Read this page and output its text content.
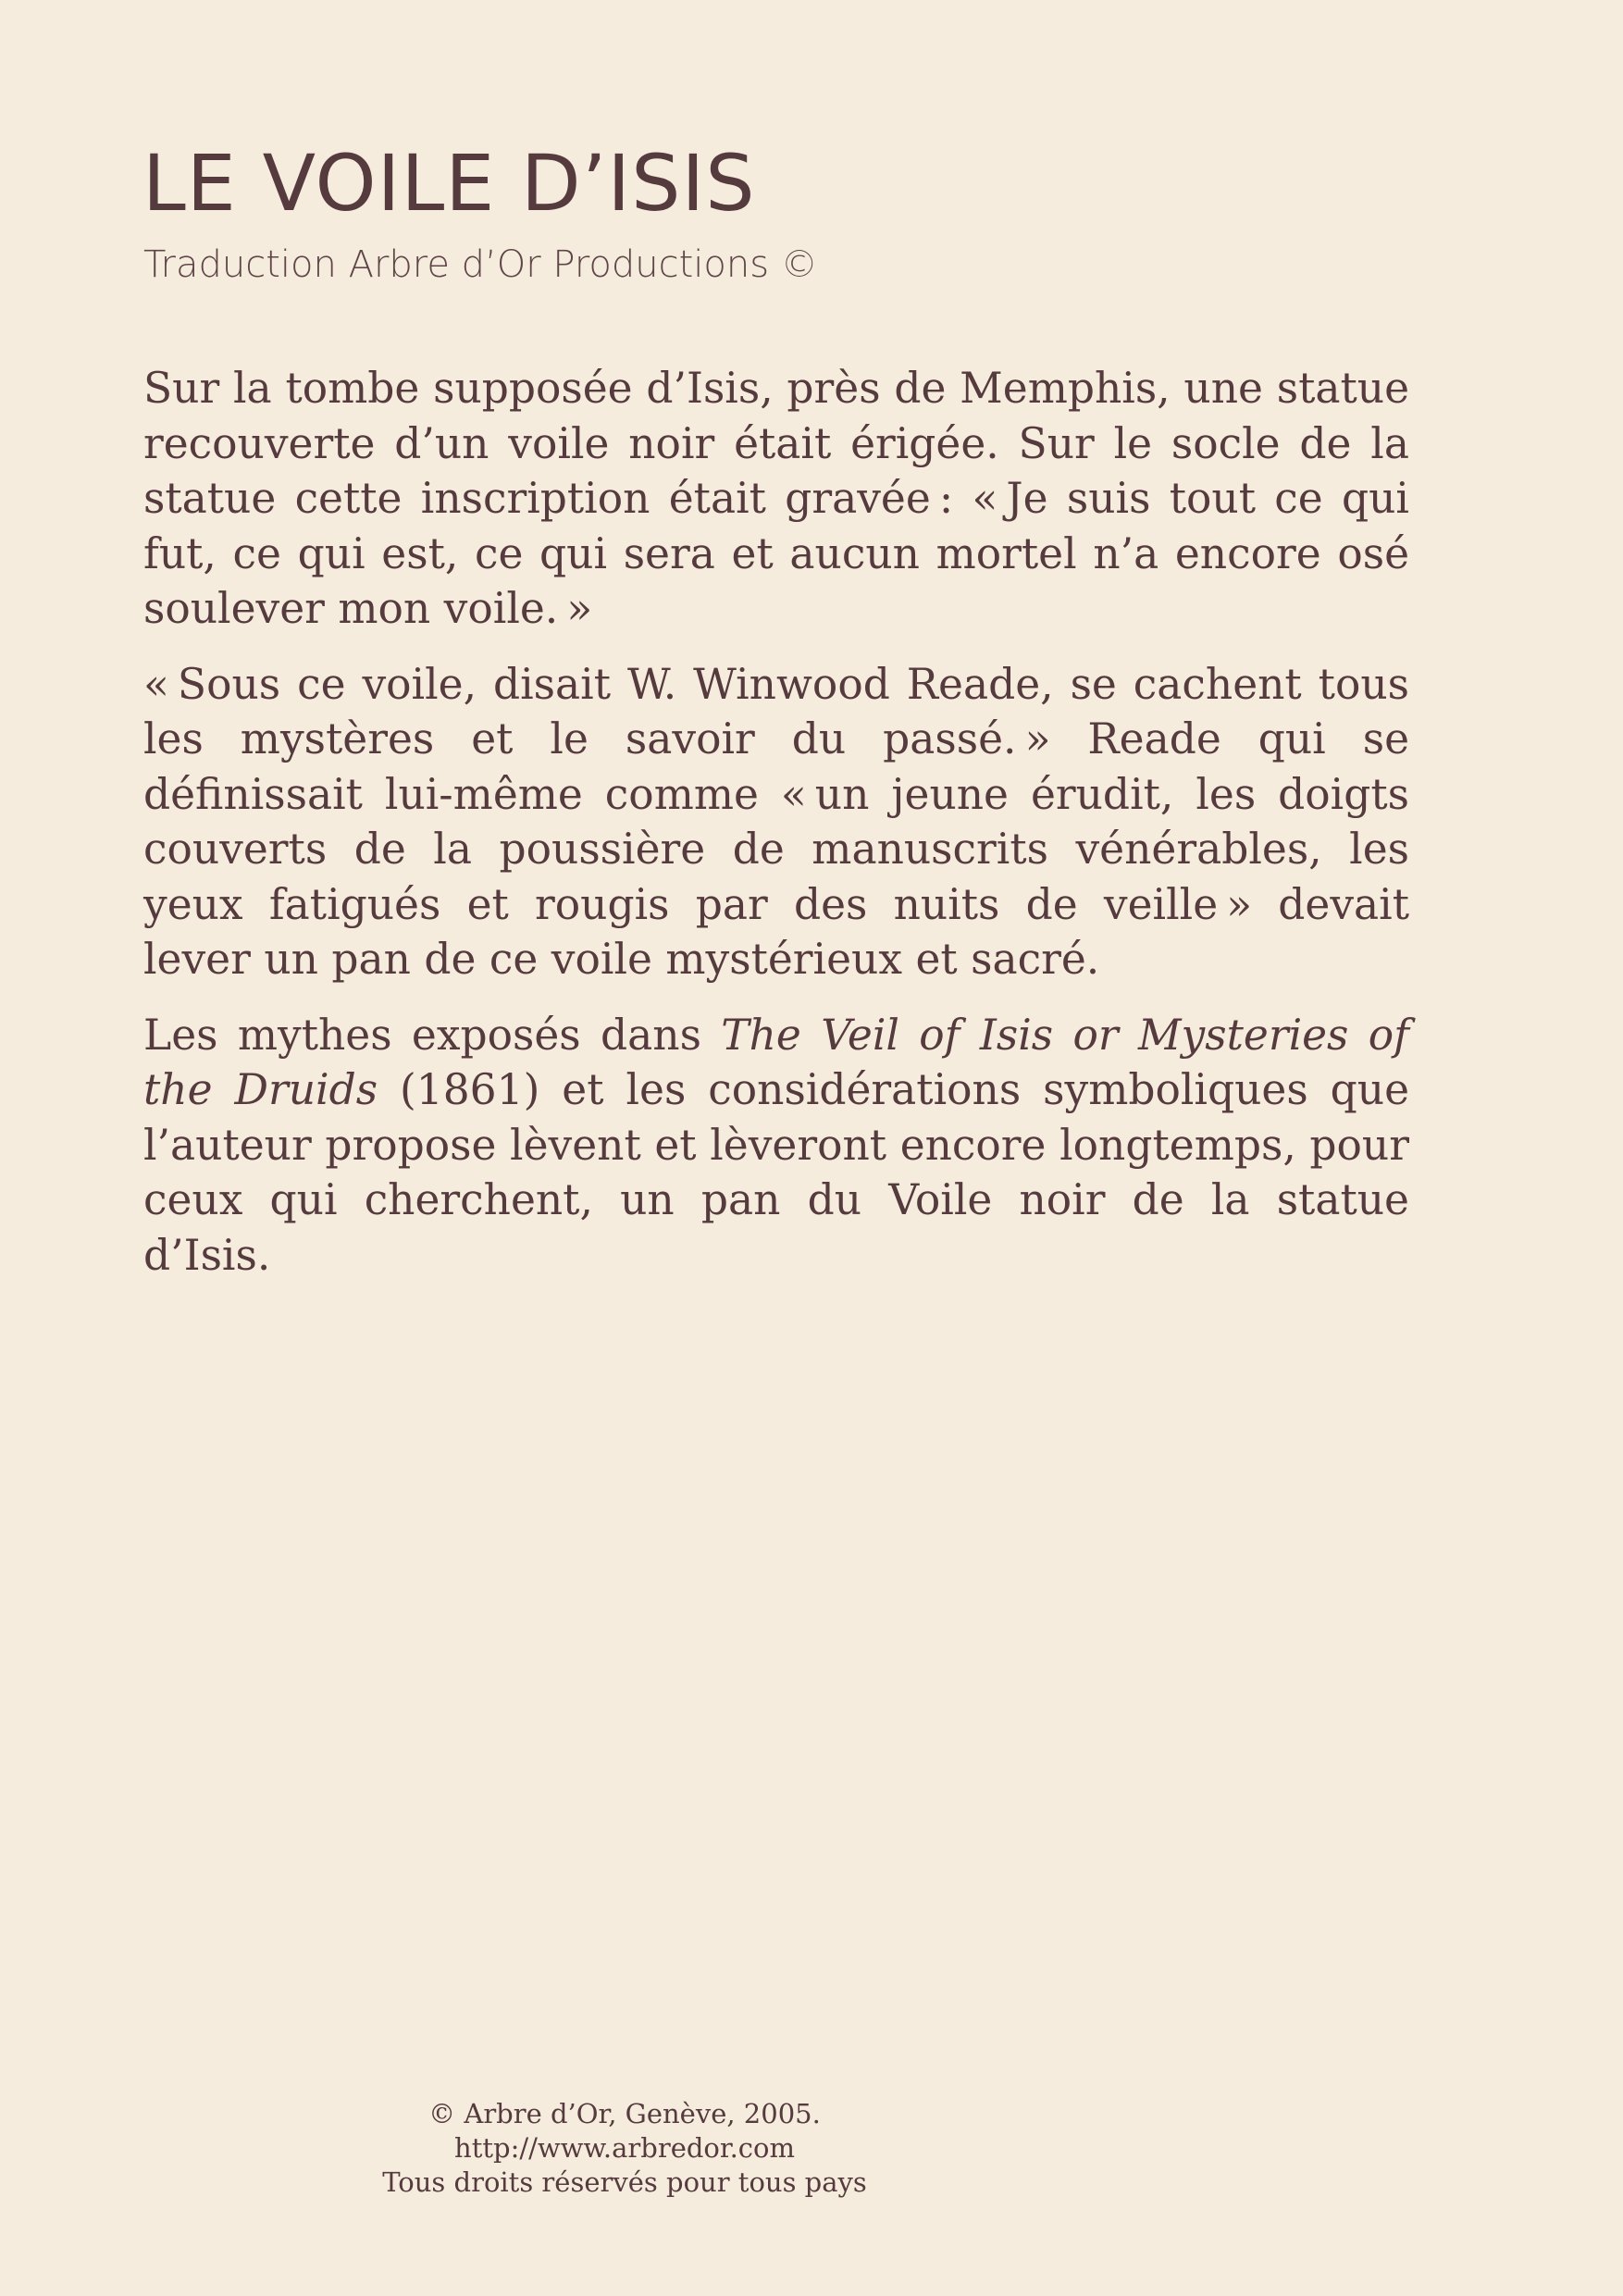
LE VOILE D’ISIS
Traduction Arbre d’Or Productions ©

Sur la tombe supposée d’Isis, près de Memphis, une statue recouverte d’un voile noir était érigée. Sur le socle de la statue cette inscription était gravée : « Je suis tout ce qui fut, ce qui est, ce qui sera et aucun mortel n’a encore osé soulever mon voile. »

« Sous ce voile, disait W. Winwood Reade, se cachent tous les mystères et le savoir du passé. » Reade qui se définissait lui-même comme « un jeune érudit, les doigts couverts de la poussière de manuscrits vénérables, les yeux fatigués et rougis par des nuits de veille » devait lever un pan de ce voile mystérieux et sacré.

Les mythes exposés dans The Veil of Isis or Mysteries of the Druids (1861) et les considérations symboliques que l’auteur propose lèvent et lèveront encore longtemps, pour ceux qui cherchent, un pan du Voile noir de la statue d’Isis.

© Arbre d’Or, Genève, 2005.
http://www.arbredor.com
Tous droits réservés pour tous pays
